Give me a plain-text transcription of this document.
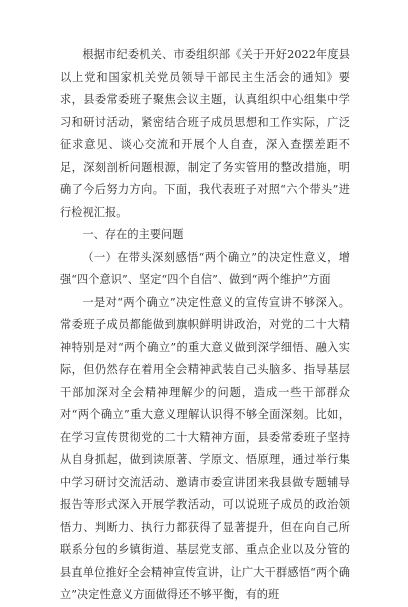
根据市纪委机关、市委组织部《关于开好2022年度县以上党和国家机关党员领导干部民主生活会的通知》要求，县委常委班子聚焦会议主题，认真组织中心组集中学习和研讨活动，紧密结合班子成员思想和工作实际，广泛征求意见、谈心交流和开展个人自查，深入查摆差距不足，深刻剖析问题根源，制定了务实管用的整改措施，明确了今后努力方向。下面，我代表班子对照“六个带头”进行检视汇报。

一、存在的主要问题

（一）在带头深刻感悟“两个确立”的决定性意义，增强“四个意识”、坚定“四个自信”、做到“两个维护”方面

一是对“两个确立”决定性意义的宣传宣讲不够深入。常委班子成员都能做到旗帜鲜明讲政治，对党的二十大精神特别是对“两个确立”的重大意义做到深学细悟、融入实际，但仍然存在着用全会精神武装自己头脑多、指导基层干部加深对全会精神理解少的问题，造成一些干部群众对“两个确立”重大意义理解认识得不够全面深刻。比如，在学习宣传贯彻党的二十大精神方面，县委常委班子坚持从自身抓起，做到读原著、学原文、悟原理，通过举行集中学习研讨交流活动、邀请市委宣讲团来我县做专题辅导报告等形式深入开展学教活动，可以说班子成员的政治领悟力、判断力、执行力都获得了显著提升，但在向自己所联系分包的乡镇街道、基层党支部、重点企业以及分管的县直单位推好全会精神宣传宣讲，让广大干群感悟“两个确立”决定性意义方面做得还不够平衡，有的班
